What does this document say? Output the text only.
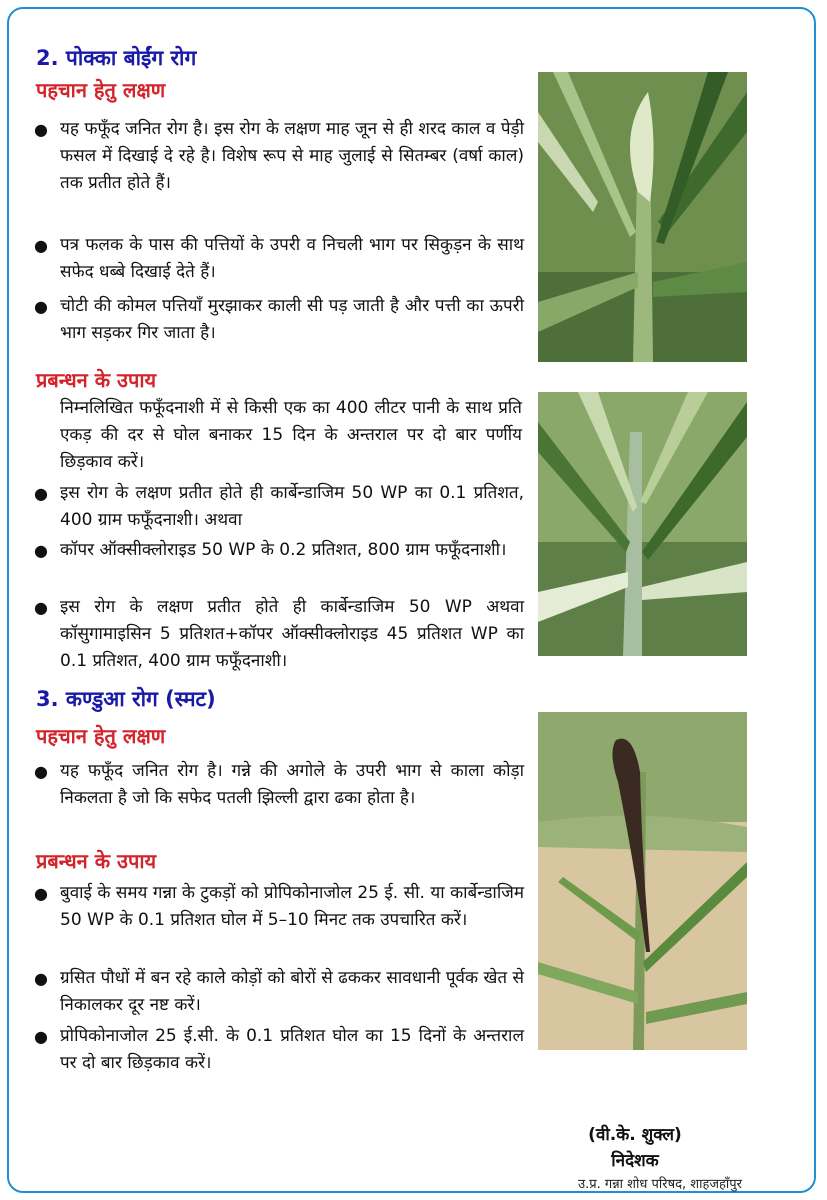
2. पोक्का बोईंग रोग
पहचान हेतु लक्षण
● यह फफूँद जनित रोग है। इस रोग के लक्षण माह जून से ही शरद काल व पेड़ी फसल में दिखाई दे रहे है। विशेष रूप से माह जुलाई से सितम्बर (वर्षा काल) तक प्रतीत होते हैं।
● पत्र फलक के पास की पत्तियों के उपरी व निचली भाग पर सिकुड़न के साथ सफेद धब्बे दिखाई देते हैं।
● चोटी की कोमल पत्तियाँ मुरझाकर काली सी पड़ जाती है और पत्ती का ऊपरी भाग सड़कर गिर जाता है।
प्रबन्धन के उपाय

निम्नलिखित फफूँदनाशी में से किसी एक का 400 लीटर पानी के साथ प्रति एकड़ की दर से घोल बनाकर 15 दिन के अन्तराल पर दो बार पर्णीय छिड़काव करें।

● इस रोग के लक्षण प्रतीत होते ही कार्बेन्डाजिम 50 WP का 0.1 प्रतिशत, 400 ग्राम फफूँदनाशी। अथवा
● कॉपर ऑक्सीक्लोराइड 50 WP के 0.2 प्रतिशत, 800 ग्राम फफूँदनाशी।
● इस रोग के लक्षण प्रतीत होते ही कार्बेन्डाजिम 50 WP अथवा कॉसुगामाइसिन 5 प्रतिशत+कॉपर ऑक्सीक्लोराइड 45 प्रतिशत WP का 0.1 प्रतिशत, 400 ग्राम फफूँदनाशी।
3. कण्डुआ रोग (स्मट)
पहचान हेतु लक्षण
● यह फफूँद जनित रोग है। गन्ने की अगोले के उपरी भाग से काला कोड़ा निकलता है जो कि सफेद पतली झिल्ली द्वारा ढका होता है।
प्रबन्धन के उपाय
● बुवाई के समय गन्ना के टुकड़ों को प्रोपिकोनाजोल 25 ई. सी. या कार्बेन्डाजिम 50 WP के 0.1 प्रतिशत घोल में 5–10 मिनट तक उपचारित करें।
● ग्रसित पौधों में बन रहे काले कोड़ों को बोरों से ढककर सावधानी पूर्वक खेत से निकालकर दूर नष्ट करें।
● प्रोपिकोनाजोल 25 ई.सी. के 0.1 प्रतिशत घोल का 15 दिनों के अन्तराल पर दो बार छिड़काव करें।
(वी.के. शुक्ल)
निदेशक
उ.प्र. गन्ना शोध परिषद, शाहजहाँपुर
